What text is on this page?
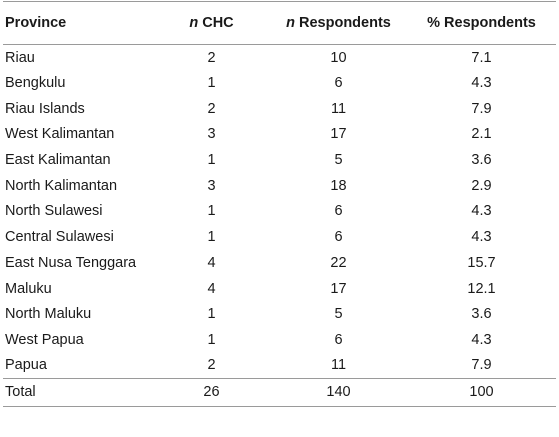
Province	n CHC	n Respondents	% Respondents
Riau	2	10	7.1
Bengkulu	1	6	4.3
Riau Islands	2	11	7.9
West Kalimantan	3	17	2.1
East Kalimantan	1	5	3.6
North Kalimantan	3	18	2.9
North Sulawesi	1	6	4.3
Central Sulawesi	1	6	4.3
East Nusa Tenggara	4	22	15.7
Maluku	4	17	12.1
North Maluku	1	5	3.6
West Papua	1	6	4.3
Papua	2	11	7.9
Total	26	140	100
